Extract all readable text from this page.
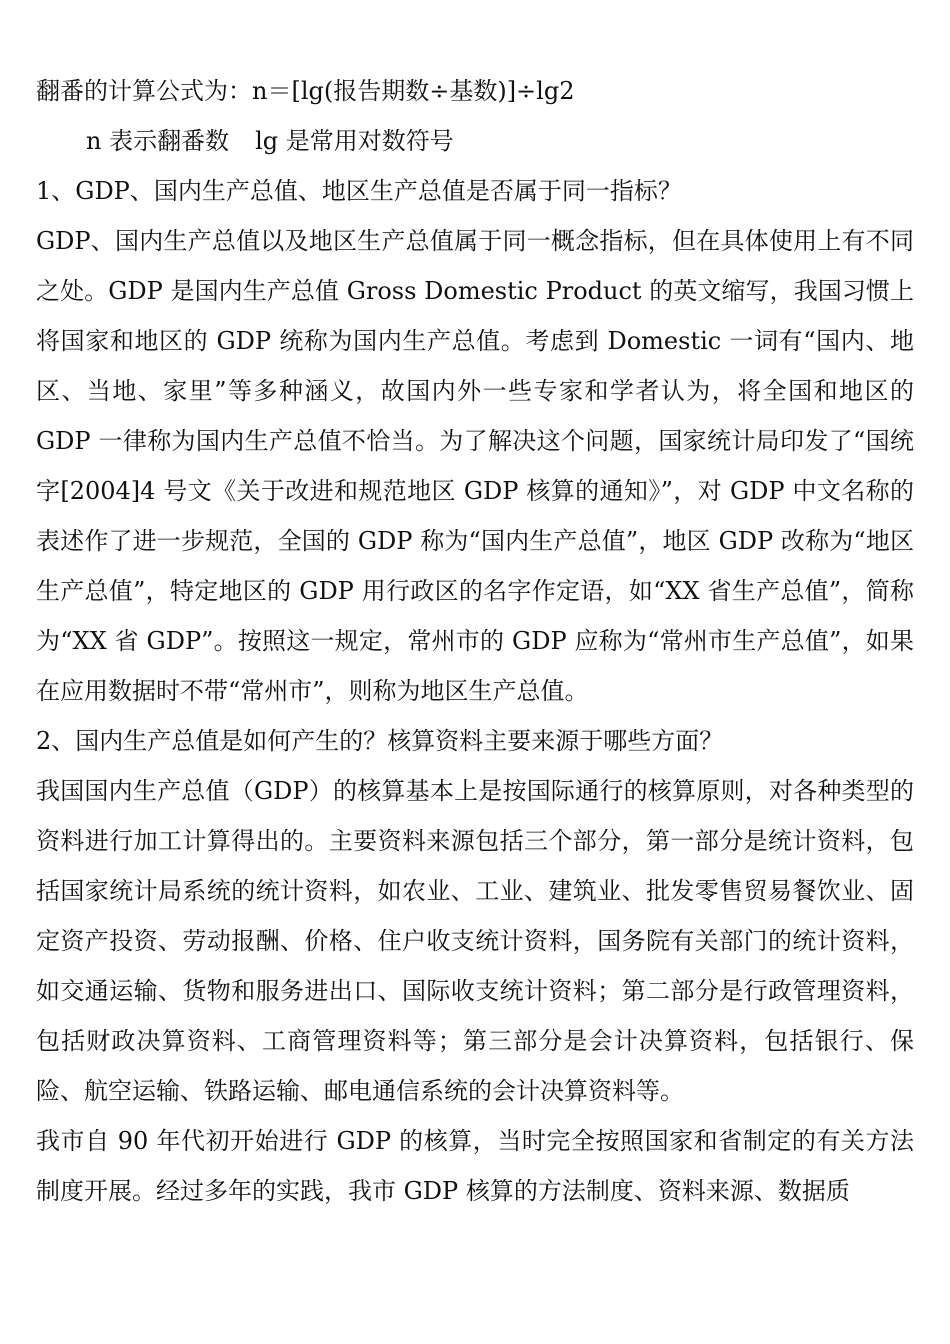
翻番的计算公式为：n＝[lg(报告期数÷基数)]÷lg2

n 表示翻番数 lg 是常用对数符号

1、GDP、国内生产总值、地区生产总值是否属于同一指标？

GDP、国内生产总值以及地区生产总值属于同一概念指标，但在具体使用上有不同之处。GDP 是国内生产总值 Gross Domestic Product 的英文缩写，我国习惯上将国家和地区的 GDP 统称为国内生产总值。考虑到 Domestic 一词有“国内、地区、当地、家里”等多种涵义，故国内外一些专家和学者认为，将全国和地区的 GDP 一律称为国内生产总值不恰当。为了解决这个问题，国家统计局印发了“国统字[2004]4 号文《关于改进和规范地区 GDP 核算的通知》”，对 GDP 中文名称的表述作了进一步规范，全国的 GDP 称为“国内生产总值”，地区 GDP 改称为“地区生产总值”，特定地区的 GDP 用行政区的名字作定语，如“XX 省生产总值”，简称为“XX 省 GDP”。按照这一规定，常州市的 GDP 应称为“常州市生产总值”，如果在应用数据时不带“常州市”，则称为地区生产总值。

2、国内生产总值是如何产生的？核算资料主要来源于哪些方面？

我国国内生产总值（GDP）的核算基本上是按国际通行的核算原则，对各种类型的资料进行加工计算得出的。主要资料来源包括三个部分，第一部分是统计资料，包括国家统计局系统的统计资料，如农业、工业、建筑业、批发零售贸易餐饮业、固定资产投资、劳动报酬、价格、住户收支统计资料，国务院有关部门的统计资料，如交通运输、货物和服务进出口、国际收支统计资料；第二部分是行政管理资料，包括财政决算资料、工商管理资料等；第三部分是会计决算资料，包括银行、保险、航空运输、铁路运输、邮电通信系统的会计决算资料等。

我市自 90 年代初开始进行 GDP 的核算，当时完全按照国家和省制定的有关方法制度开展。经过多年的实践，我市 GDP 核算的方法制度、资料来源、数据质
